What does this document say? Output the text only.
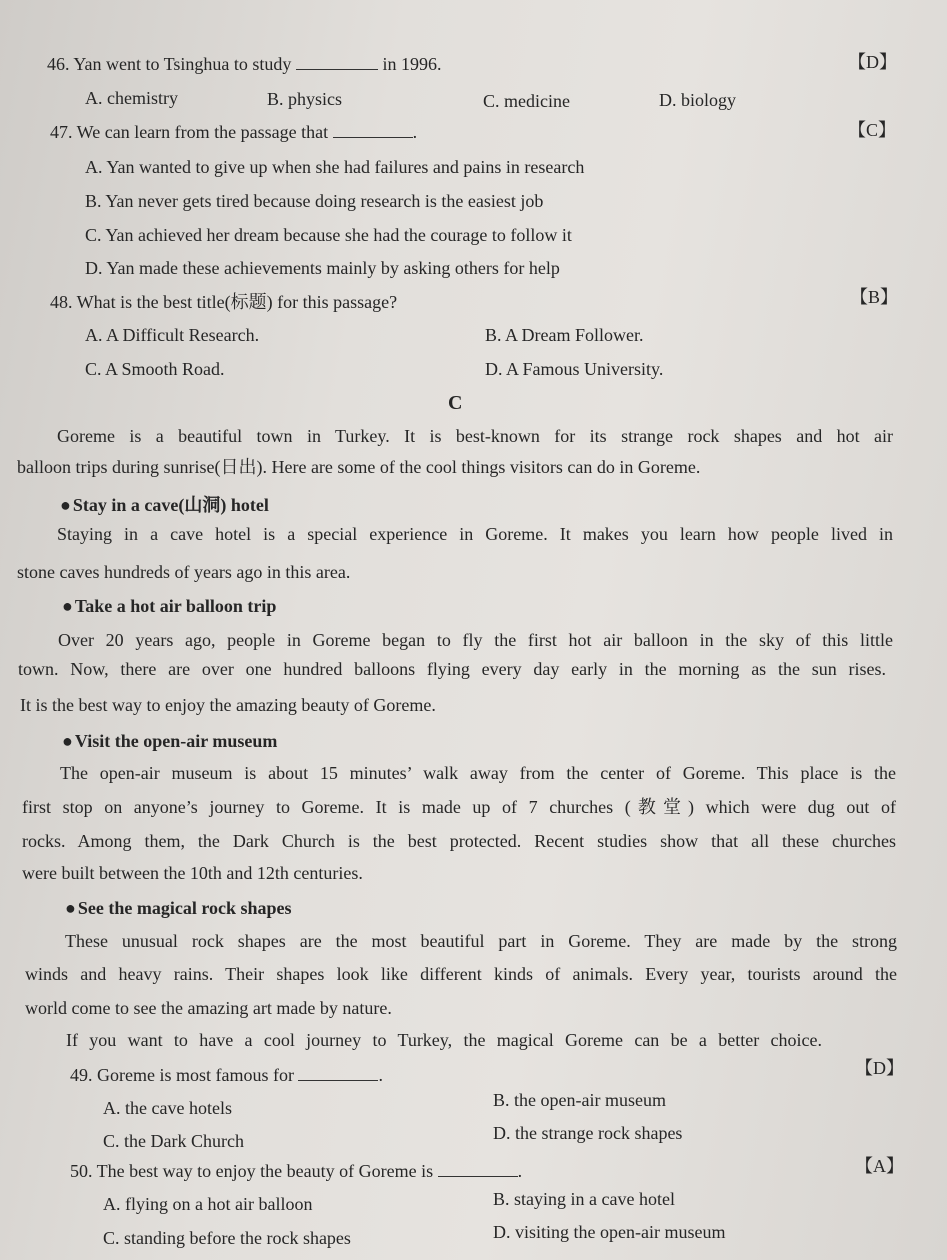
46. Yan went to Tsinghua to study	in 1996.	【D】
A. chemistry	B. physics	C. medicine	D. biology
47. We can learn from the passage that	.	【C】
A. Yan wanted to give up when she had failures and pains in research
B. Yan never gets tired because doing research is the easiest job
C. Yan achieved her dream because she had the courage to follow it
D. Yan made these achievements mainly by asking others for help
48. What is the best title(标题) for this passage?	【B】
A. A Difficult Research.	B. A Dream Follower.
C. A Smooth Road.	D. A Famous University.
C
Goreme is a beautiful town in Turkey. It is best-known for its strange rock shapes and hot air
balloon trips during sunrise(日出). Here are some of the cool things visitors can do in Goreme.
● Stay in a cave(山洞) hotel
Staying in a cave hotel is a special experience in Goreme. It makes you learn how people lived in
stone caves hundreds of years ago in this area.
● Take a hot air balloon trip
Over 20 years ago, people in Goreme began to fly the first hot air balloon in the sky of this little
town. Now, there are over one hundred balloons flying every day early in the morning as the sun rises.
It is the best way to enjoy the amazing beauty of Goreme.
● Visit the open-air museum
The open-air museum is about 15 minutes’ walk away from the center of Goreme. This place is the
first stop on anyone’s journey to Goreme. It is made up of 7 churches (教堂) which were dug out of
rocks. Among them, the Dark Church is the best protected. Recent studies show that all these churches
were built between the 10th and 12th centuries.
● See the magical rock shapes
These unusual rock shapes are the most beautiful part in Goreme. They are made by the strong
winds and heavy rains. Their shapes look like different kinds of animals. Every year, tourists around the
world come to see the amazing art made by nature.
If you want to have a cool journey to Turkey, the magical Goreme can be a better choice.
49. Goreme is most famous for	.	【D】
A. the cave hotels	B. the open-air museum
C. the Dark Church	D. the strange rock shapes
50. The best way to enjoy the beauty of Goreme is	.	【A】
A. flying on a hot air balloon	B. staying in a cave hotel
C. standing before the rock shapes	D. visiting the open-air museum
